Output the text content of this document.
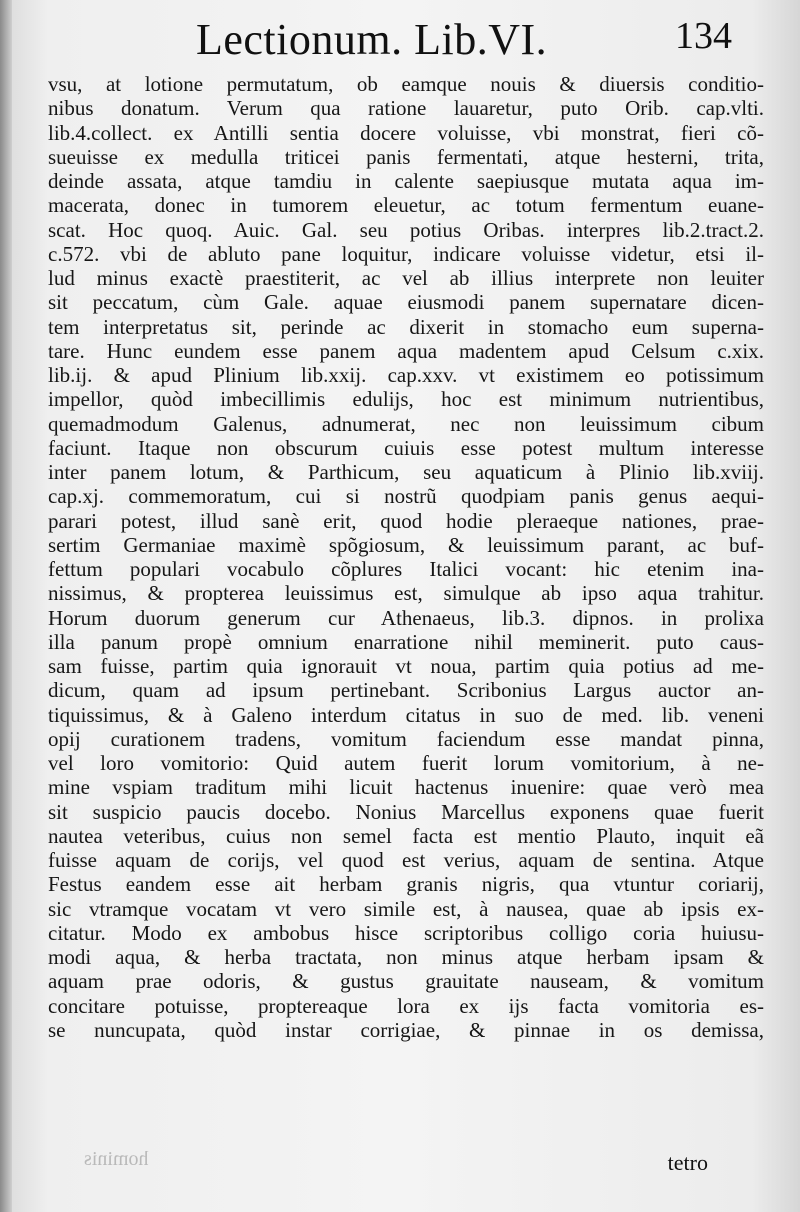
Lectionum. Lib.VI.	134
vsu, at lotione permutatum, ob eamque nouis & diuersis conditio-
nibus donatum. Verum qua ratione lauaretur, puto Orib. cap.vlti.
lib.4.collect. ex Antilli sentia docere voluisse, vbi monstrat, fieri cõ-
sueuisse ex medulla triticei panis fermentati, atque hesterni, trita,
deinde assata, atque tamdiu in calente saepiusque mutata aqua im-
macerata, donec in tumorem eleuetur, ac totum fermentum euane-
scat. Hoc quoq. Auic. Gal. seu potius Oribas. interpres lib.2.tract.2.
c.572. vbi de abluto pane loquitur, indicare voluisse videtur, etsi il-
lud minus exactè praestiterit, ac vel ab illius interprete non leuiter
sit peccatum, cùm Gale. aquae eiusmodi panem supernatare dicen-
tem interpretatus sit, perinde ac dixerit in stomacho eum superna-
tare. Hunc eundem esse panem aqua madentem apud Celsum c.xix.
lib.ij. & apud Plinium lib.xxij. cap.xxv. vt existimem eo potissimum
impellor, quòd imbecillimis edulijs, hoc est minimum nutrientibus,
quemadmodum Galenus, adnumerat, nec non leuissimum cibum
faciunt. Itaque non obscurum cuiuis esse potest multum interesse
inter panem lotum, & Parthicum, seu aquaticum à Plinio lib.xviij.
cap.xj. commemoratum, cui si nostrũ quodpiam panis genus aequi-
parari potest, illud sanè erit, quod hodie pleraeque nationes, prae-
sertim Germaniae maximè spõgiosum, & leuissimum parant, ac buf-
fettum populari vocabulo cõplures Italici vocant: hic etenim ina-
nissimus, & propterea leuissimus est, simulque ab ipso aqua trahitur.
Horum duorum generum cur Athenaeus, lib.3. dipnos. in prolixa
illa panum propè omnium enarratione nihil meminerit. puto caus-
sam fuisse, partim quia ignorauit vt noua, partim quia potius ad me-
dicum, quam ad ipsum pertinebant. Scribonius Largus auctor an-
tiquissimus, & à Galeno interdum citatus in suo de med. lib. veneni
opij curationem tradens, vomitum faciendum esse mandat pinna,
vel loro vomitorio: Quid autem fuerit lorum vomitorium, à ne-
mine vspiam traditum mihi licuit hactenus inuenire: quae verò mea
sit suspicio paucis docebo. Nonius Marcellus exponens quae fuerit
nautea veteribus, cuius non semel facta est mentio Plauto, inquit eã
fuisse aquam de corijs, vel quod est verius, aquam de sentina. Atque
Festus eandem esse ait herbam granis nigris, qua vtuntur coriarij,
sic vtramque vocatam vt vero simile est, à nausea, quae ab ipsis ex-
citatur. Modo ex ambobus hisce scriptoribus colligo coria huiusu-
modi aqua, & herba tractata, non minus atque herbam ipsam &
aquam prae odoris, & gustus grauitate nauseam, & vomitum
concitare potuisse, proptereaque lora ex ijs facta vomitoria es-
se nuncupata, quòd instar corrigiae, & pinnae in os demissa,
hominis	tetro
